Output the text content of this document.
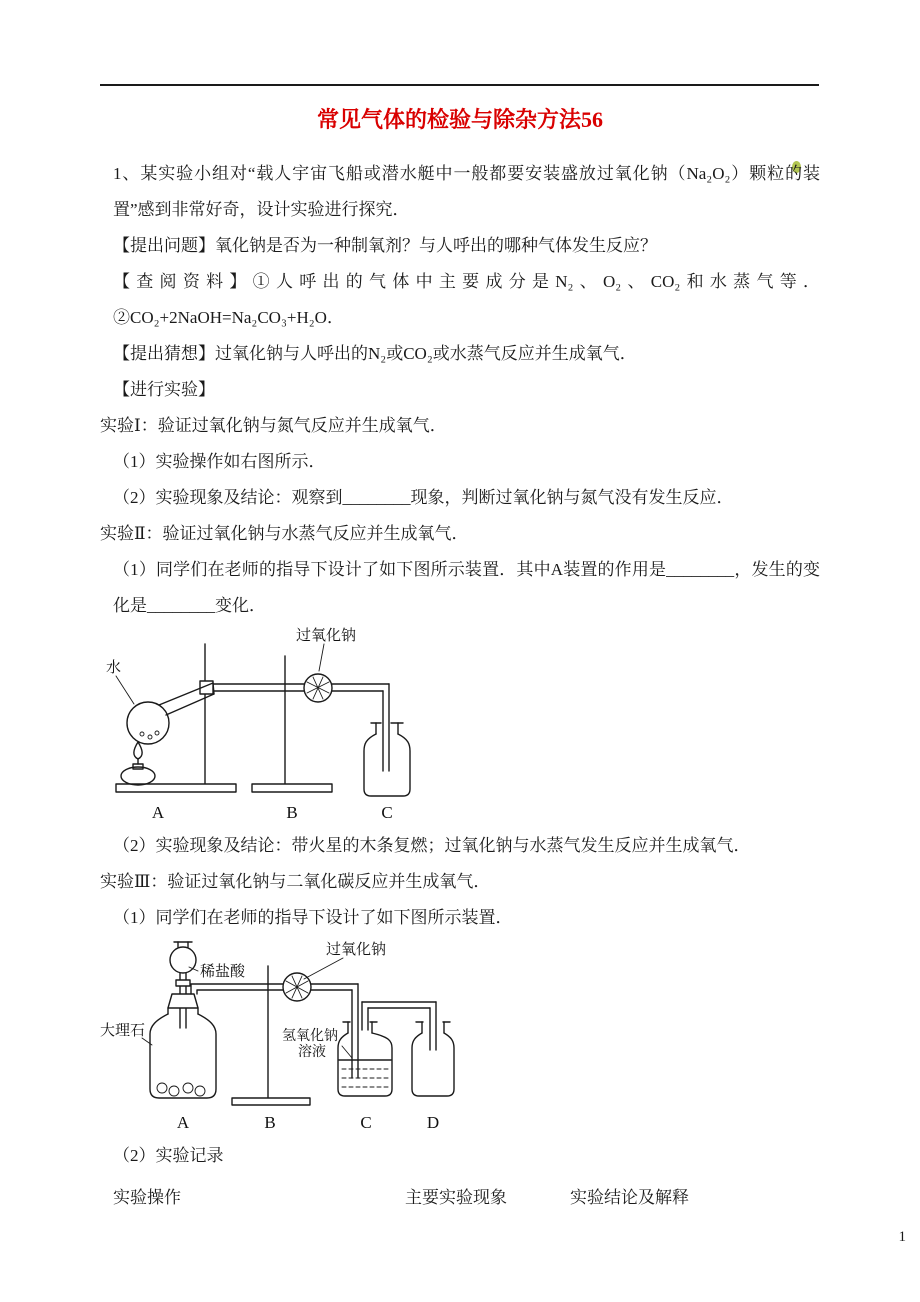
常见气体的检验与除杂方法56

1、某实验小组对“载人宇宙飞船或潜水艇中一般都要安装盛放过氧化钠（Na₂O₂）颗粒的装置”感到非常好奇，设计实验进行探究．

【提出问题】氧化钠是否为一种制氧剂？与人呼出的哪种气体发生反应？

【查阅资料】①人呼出的气体中主要成分是N₂、O₂、CO₂和水蒸气等．②CO₂+2NaOH=Na₂CO₃+H₂O．

【提出猜想】过氧化钠与人呼出的N₂或CO₂或水蒸气反应并生成氧气．

【进行实验】

实验Ⅰ：验证过氧化钠与氮气反应并生成氧气．

（1）实验操作如右图所示．

（2）实验现象及结论：观察到________现象，判断过氧化钠与氮气没有发生反应．

实验Ⅱ：验证过氧化钠与水蒸气反应并生成氧气．

（1）同学们在老师的指导下设计了如下图所示装置．其中A装置的作用是________，发生的变化是________变化．

水
过氧化钠
A	B	C

（2）实验现象及结论：带火星的木条复燃；过氧化钠与水蒸气发生反应并生成氧气．

实验Ⅲ：验证过氧化钠与二氧化碳反应并生成氧气．

（1）同学们在老师的指导下设计了如下图所示装置．

稀盐酸
大理石
过氧化钠
氢氧化钠
溶液
A	B	C	D

（2）实验记录

实验操作	主要实验现象	实验结论及解释
1
